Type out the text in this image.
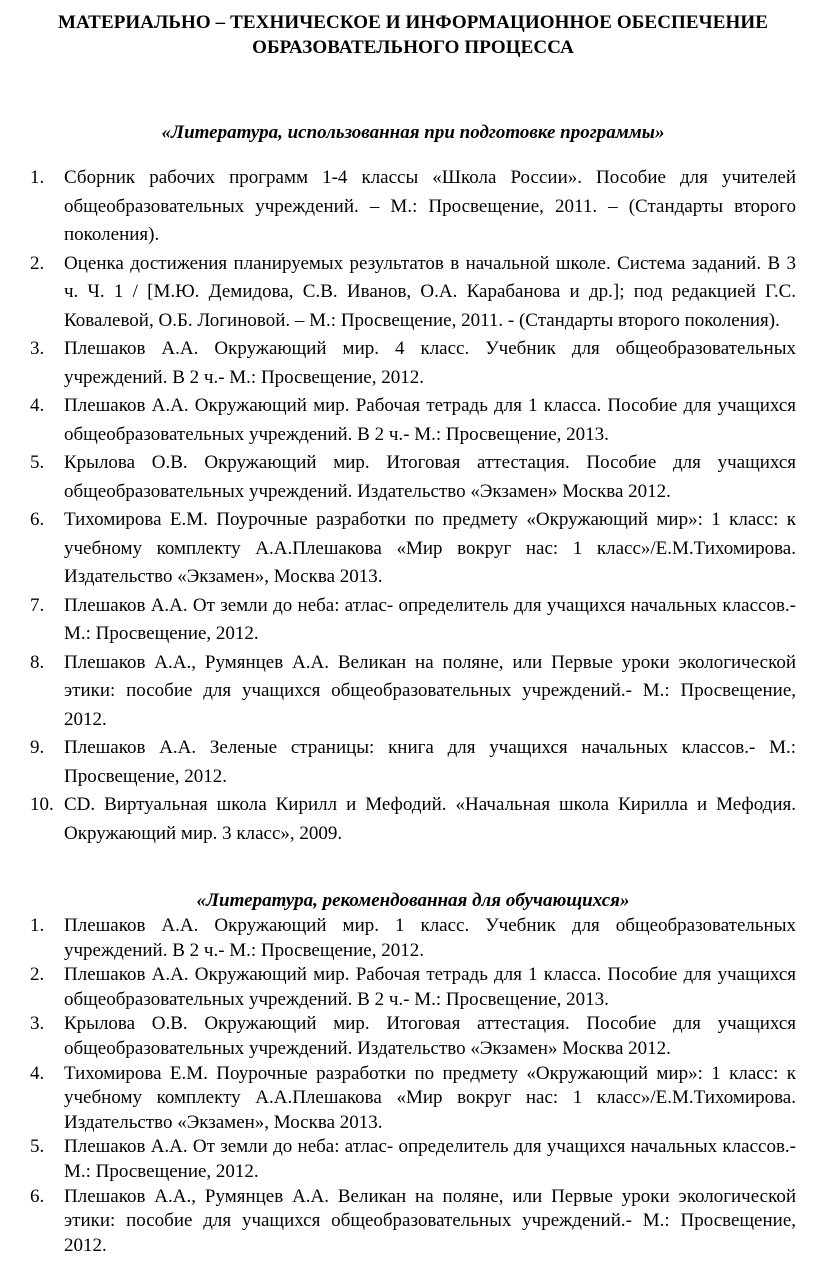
МАТЕРИАЛЬНО – ТЕХНИЧЕСКОЕ И ИНФОРМАЦИОННОЕ ОБЕСПЕЧЕНИЕ
ОБРАЗОВАТЕЛЬНОГО ПРОЦЕССА
«Литература, использованная при подготовке программы»
1. Сборник рабочих программ 1-4 классы «Школа России». Пособие для учителей общеобразовательных учреждений. – М.: Просвещение, 2011. – (Стандарты второго поколения).
2. Оценка достижения планируемых результатов в начальной школе. Система заданий. В 3 ч. Ч. 1 / [М.Ю. Демидова, С.В. Иванов, О.А. Карабанова и др.]; под редакцией Г.С. Ковалевой, О.Б. Логиновой. – М.: Просвещение, 2011. - (Стандарты второго поколения).
3. Плешаков А.А. Окружающий мир. 4 класс. Учебник для общеобразовательных учреждений. В 2 ч.- М.: Просвещение, 2012.
4. Плешаков А.А. Окружающий мир. Рабочая тетрадь для 1 класса. Пособие для учащихся общеобразовательных учреждений. В 2 ч.- М.: Просвещение, 2013.
5. Крылова О.В. Окружающий мир. Итоговая аттестация. Пособие для учащихся общеобразовательных учреждений. Издательство «Экзамен» Москва 2012.
6. Тихомирова Е.М. Поурочные разработки по предмету «Окружающий мир»: 1 класс: к учебному комплекту А.А.Плешакова «Мир вокруг нас: 1 класс»/Е.М.Тихомирова. Издательство «Экзамен», Москва 2013.
7. Плешаков А.А. От земли до неба: атлас- определитель для учащихся начальных классов.- М.: Просвещение, 2012.
8. Плешаков А.А., Румянцев А.А. Великан на поляне, или Первые уроки экологической этики: пособие для учащихся общеобразовательных учреждений.- М.: Просвещение, 2012.
9. Плешаков А.А. Зеленые страницы: книга для учащихся начальных классов.- М.: Просвещение, 2012.
10. CD. Виртуальная школа Кирилл и Мефодий. «Начальная школа Кирилла и Мефодия. Окружающий мир. 3 класс», 2009.
«Литература, рекомендованная для обучающихся»
1. Плешаков А.А. Окружающий мир. 1 класс. Учебник для общеобразовательных учреждений. В 2 ч.- М.: Просвещение, 2012.
2. Плешаков А.А. Окружающий мир. Рабочая тетрадь для 1 класса. Пособие для учащихся общеобразовательных учреждений. В 2 ч.- М.: Просвещение, 2013.
3. Крылова О.В. Окружающий мир. Итоговая аттестация. Пособие для учащихся общеобразовательных учреждений. Издательство «Экзамен» Москва 2012.
4. Тихомирова Е.М. Поурочные разработки по предмету «Окружающий мир»: 1 класс: к учебному комплекту А.А.Плешакова «Мир вокруг нас: 1 класс»/Е.М.Тихомирова. Издательство «Экзамен», Москва 2013.
5. Плешаков А.А. От земли до неба: атлас- определитель для учащихся начальных классов.- М.: Просвещение, 2012.
6. Плешаков А.А., Румянцев А.А. Великан на поляне, или Первые уроки экологической этики: пособие для учащихся общеобразовательных учреждений.- М.: Просвещение, 2012.
